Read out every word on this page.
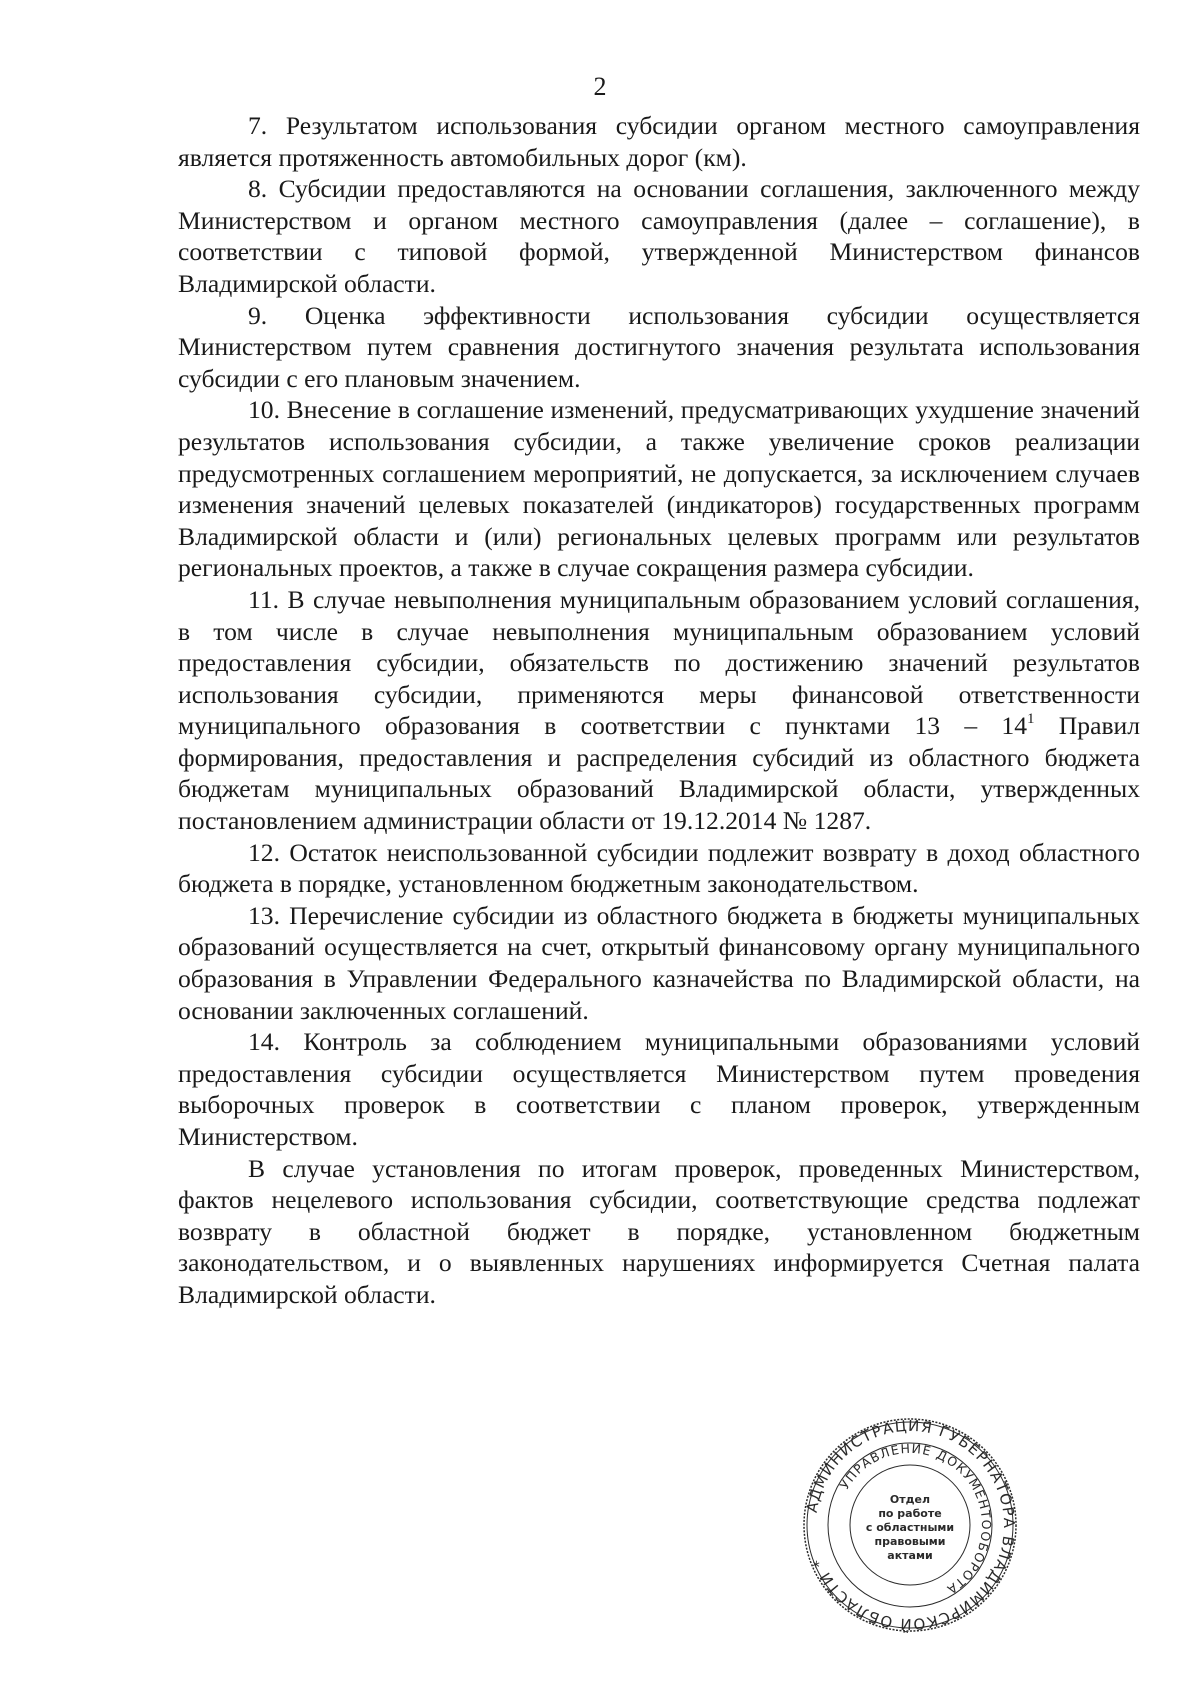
2

7. Результатом использования субсидии органом местного самоуправления является протяженность автомобильных дорог (км).

8. Субсидии предоставляются на основании соглашения, заключенного между Министерством и органом местного самоуправления (далее – соглашение), в соответствии с типовой формой, утвержденной Министерством финансов Владимирской области.

9. Оценка эффективности использования субсидии осуществляется Министерством путем сравнения достигнутого значения результата использования субсидии с его плановым значением.

10. Внесение в соглашение изменений, предусматривающих ухудшение значений результатов использования субсидии, а также увеличение сроков реализации предусмотренных соглашением мероприятий, не допускается, за исключением случаев изменения значений целевых показателей (индикаторов) государственных программ Владимирской области и (или) региональных целевых программ или результатов региональных проектов, а также в случае сокращения размера субсидии.

11. В случае невыполнения муниципальным образованием условий соглашения, в том числе в случае невыполнения муниципальным образованием условий предоставления субсидии, обязательств по достижению значений результатов использования субсидии, применяются меры финансовой ответственности муниципального образования в соответствии с пунктами $13 - 14^1$ Правил формирования, предоставления и распределения субсидий из областного бюджета бюджетам муниципальных образований Владимирской области, утвержденных постановлением администрации области от 19.12.2014 № 1287.

12. Остаток неиспользованной субсидии подлежит возврату в доход областного бюджета в порядке, установленном бюджетным законодательством.

13. Перечисление субсидии из областного бюджета в бюджеты муниципальных образований осуществляется на счет, открытый финансовому органу муниципального образования в Управлении Федерального казначейства по Владимирской области, на основании заключенных соглашений.

14. Контроль за соблюдением муниципальными образованиями условий предоставления субсидии осуществляется Министерством путем проведения выборочных проверок в соответствии с планом проверок, утвержденным Министерством.

В случае установления по итогам проверок, проведенных Министерством, фактов нецелевого использования субсидии, соответствующие средства подлежат возврату в областной бюджет в порядке, установленном бюджетным законодательством, и о выявленных нарушениях информируется Счетная палата Владимирской области.

АДМИНИСТРАЦИЯ ГУБЕРНАТОРА ВЛАДИМИРСКОЙ ОБЛАСТИ *
УПРАВЛЕНИЕ ДОКУМЕНТООБОРОТА
Отдел
по работе
с областными
правовыми
актами
